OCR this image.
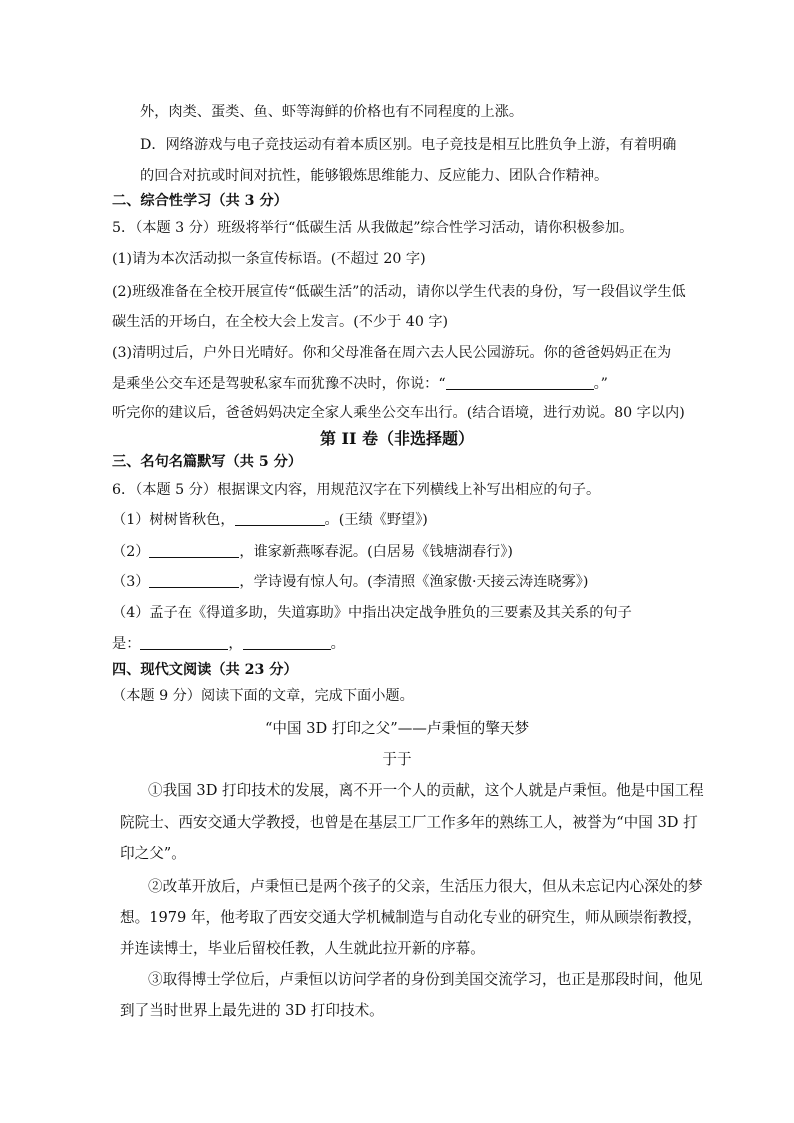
外，肉类、蛋类、鱼、虾等海鲜的价格也有不同程度的上涨。
D．网络游戏与电子竞技运动有着本质区别。电子竞技是相互比胜负争上游，有着明确
的回合对抗或时间对抗性，能够锻炼思维能力、反应能力、团队合作精神。
二、综合性学习（共 3 分）
5．（本题 3 分）班级将举行“低碳生活 从我做起”综合性学习活动，请你积极参加。
(1)请为本次活动拟一条宣传标语。(不超过 20 字)
(2)班级准备在全校开展宣传“低碳生活”的活动，请你以学生代表的身份，写一段倡议学生低
碳生活的开场白，在全校大会上发言。(不少于 40 字)
(3)清明过后，户外日光晴好。你和父母准备在周六去人民公园游玩。你的爸爸妈妈正在为
是乘坐公交车还是驾驶私家车而犹豫不决时，你说：“	。”
听完你的建议后，爸爸妈妈决定全家人乘坐公交车出行。(结合语境，进行劝说。80 字以内)
第 II 卷（非选择题）
三、名句名篇默写（共 5 分）
6．（本题 5 分）根据课文内容，用规范汉字在下列横线上补写出相应的句子。
（1）树树皆秋色，	。(王绩《野望》)
（2）	，谁家新燕啄春泥。(白居易《钱塘湖春行》)
（3）	，学诗谩有惊人句。(李清照《渔家傲·天接云涛连晓雾》)
（4）孟子在《得道多助，失道寡助》中指出决定战争胜负的三要素及其关系的句子
是：	，	。
四、现代文阅读（共 23 分）
（本题 9 分）阅读下面的文章，完成下面小题。
“中国 3D 打印之父”——卢秉恒的擎天梦
于于
①我国 3D 打印技术的发展，离不开一个人的贡献，这个人就是卢秉恒。他是中国工程
院院士、西安交通大学教授，也曾是在基层工厂工作多年的熟练工人，被誉为“中国 3D 打
印之父”。
②改革开放后，卢秉恒已是两个孩子的父亲，生活压力很大，但从未忘记内心深处的梦
想。1979 年，他考取了西安交通大学机械制造与自动化专业的研究生，师从顾崇衔教授，
并连读博士，毕业后留校任教，人生就此拉开新的序幕。
③取得博士学位后，卢秉恒以访问学者的身份到美国交流学习，也正是那段时间，他见
到了当时世界上最先进的 3D 打印技术。
